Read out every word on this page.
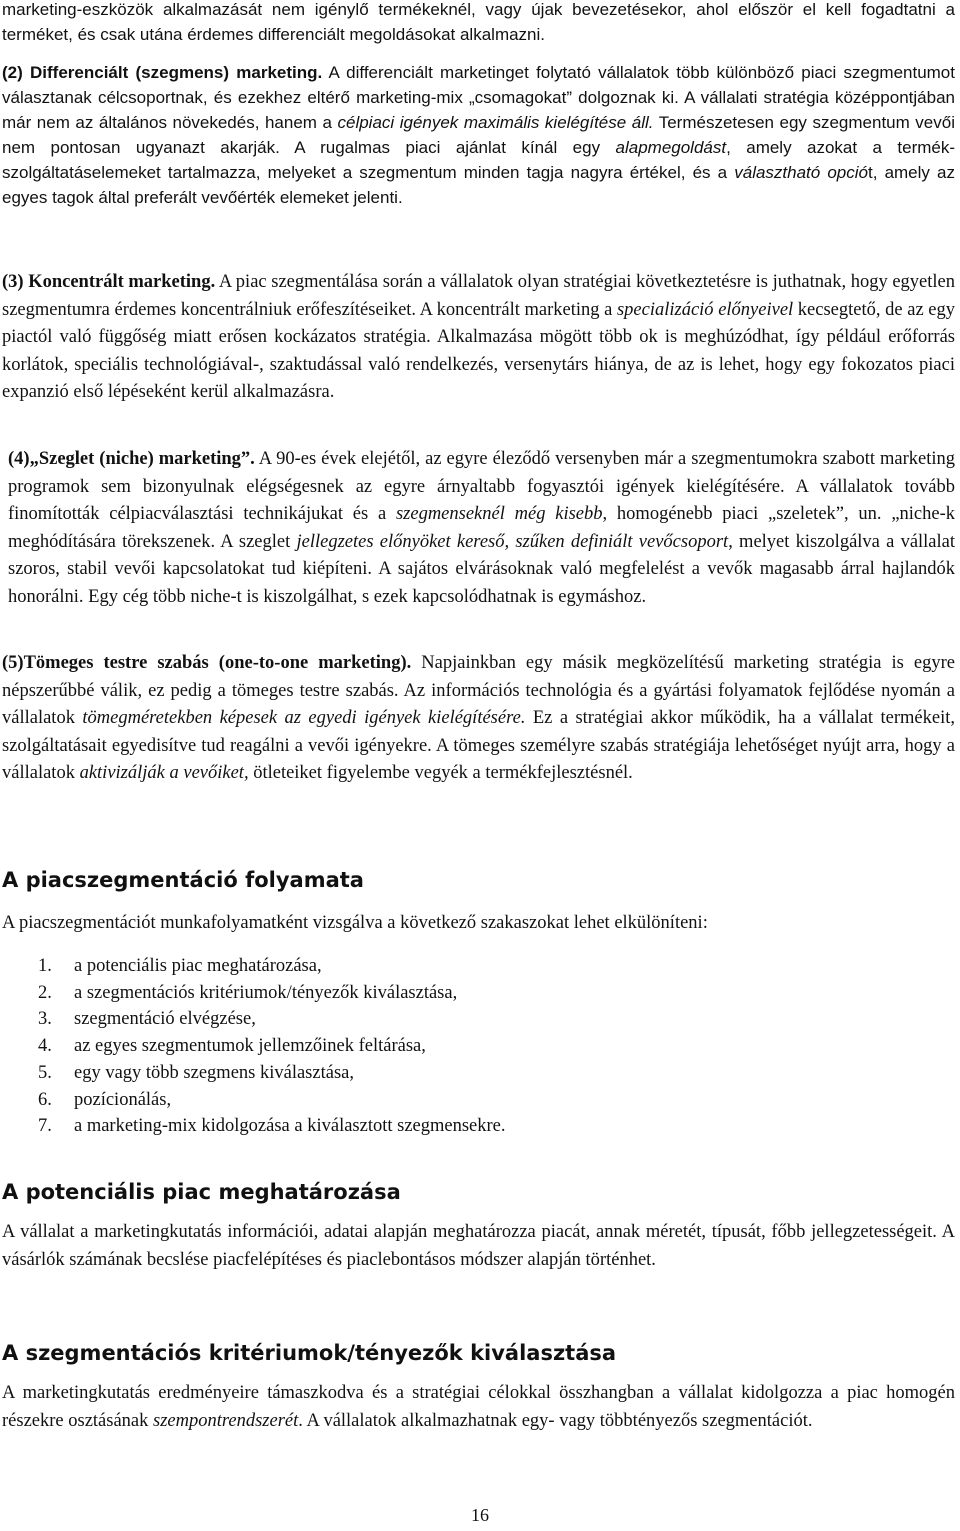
marketing-eszközök alkalmazását nem igénylő termékeknél, vagy újak bevezetésekor, ahol először el kell fogadtatni a terméket, és csak utána érdemes differenciált megoldásokat alkalmazni.

(2) Differenciált (szegmens) marketing. A differenciált marketinget folytató vállalatok több különböző piaci szegmentumot választanak célcsoportnak, és ezekhez eltérő marketing-mix „csomagokat” dolgoznak ki. A vállalati stratégia középpontjában már nem az általános növekedés, hanem a célpiaci igények maximális kielégítése áll. Természetesen egy szegmentum vevői nem pontosan ugyanazt akarják. A rugalmas piaci ajánlat kínál egy alapmegoldást, amely azokat a termék-szolgáltatáselemeket tartalmazza, melyeket a szegmentum minden tagja nagyra értékel, és a választható opciót, amely az egyes tagok által preferált vevőérték elemeket jelenti.

(3) Koncentrált marketing. A piac szegmentálása során a vállalatok olyan stratégiai következtetésre is juthatnak, hogy egyetlen szegmentumra érdemes koncentrálniuk erőfeszítéseiket. A koncentrált marketing a specializáció előnyeivel kecsegtető, de az egy piactól való függőség miatt erősen kockázatos stratégia. Alkalmazása mögött több ok is meghúzódhat, így például erőforrás korlátok, speciális technológiával-, szaktudással való rendelkezés, versenytárs hiánya, de az is lehet, hogy egy fokozatos piaci expanzió első lépéseként kerül alkalmazásra.

(4)„Szeglet (niche) marketing”. A 90-es évek elejétől, az egyre éleződő versenyben már a szegmentumokra szabott marketing programok sem bizonyulnak elégségesnek az egyre árnyaltabb fogyasztói igények kielégítésére. A vállalatok tovább finomították célpiacválasztási technikájukat és a szegmenseknél még kisebb, homogénebb piaci „szeletek”, un. „niche-k meghódítására törekszenek. A szeglet jellegzetes előnyöket kereső, szűken definiált vevőcsoport, melyet kiszolgálva a vállalat szoros, stabil vevői kapcsolatokat tud kiépíteni. A sajátos elvárásoknak való megfelelést a vevők magasabb árral hajlandók honorálni. Egy cég több niche-t is kiszolgálhat, s ezek kapcsolódhatnak is egymáshoz.

(5)Tömeges testre szabás (one-to-one marketing). Napjainkban egy másik megközelítésű marketing stratégia is egyre népszerűbbé válik, ez pedig a tömeges testre szabás. Az információs technológia és a gyártási folyamatok fejlődése nyomán a vállalatok tömegméretekben képesek az egyedi igények kielégítésére. Ez a stratégiai akkor működik, ha a vállalat termékeit, szolgáltatásait egyedisítve tud reagálni a vevői igényekre. A tömeges személyre szabás stratégiája lehetőséget nyújt arra, hogy a vállalatok aktivizálják a vevőiket, ötleteiket figyelembe vegyék a termékfejlesztésnél.

A piacszegmentáció folyamata

A piacszegmentációt munkafolyamatként vizsgálva a következő szakaszokat lehet elkülöníteni:

1.	a potenciális piac meghatározása,
2.	a szegmentációs kritériumok/tényezők kiválasztása,
3.	szegmentáció elvégzése,
4.	az egyes szegmentumok jellemzőinek feltárása,
5.	egy vagy több szegmens kiválasztása,
6.	pozícionálás,
7.	a marketing-mix kidolgozása a kiválasztott szegmensekre.
A potenciális piac meghatározása

A vállalat a marketingkutatás információi, adatai alapján meghatározza piacát, annak méretét, típusát, főbb jellegzetességeit. A vásárlók számának becslése piacfelépítéses és piaclebontásos módszer alapján történhet.

A szegmentációs kritériumok/tényezők kiválasztása

A marketingkutatás eredményeire támaszkodva és a stratégiai célokkal összhangban a vállalat kidolgozza a piac homogén részekre osztásának szempontrendszerét. A vállalatok alkalmazhatnak egy- vagy többtényezős szegmentációt.

16
